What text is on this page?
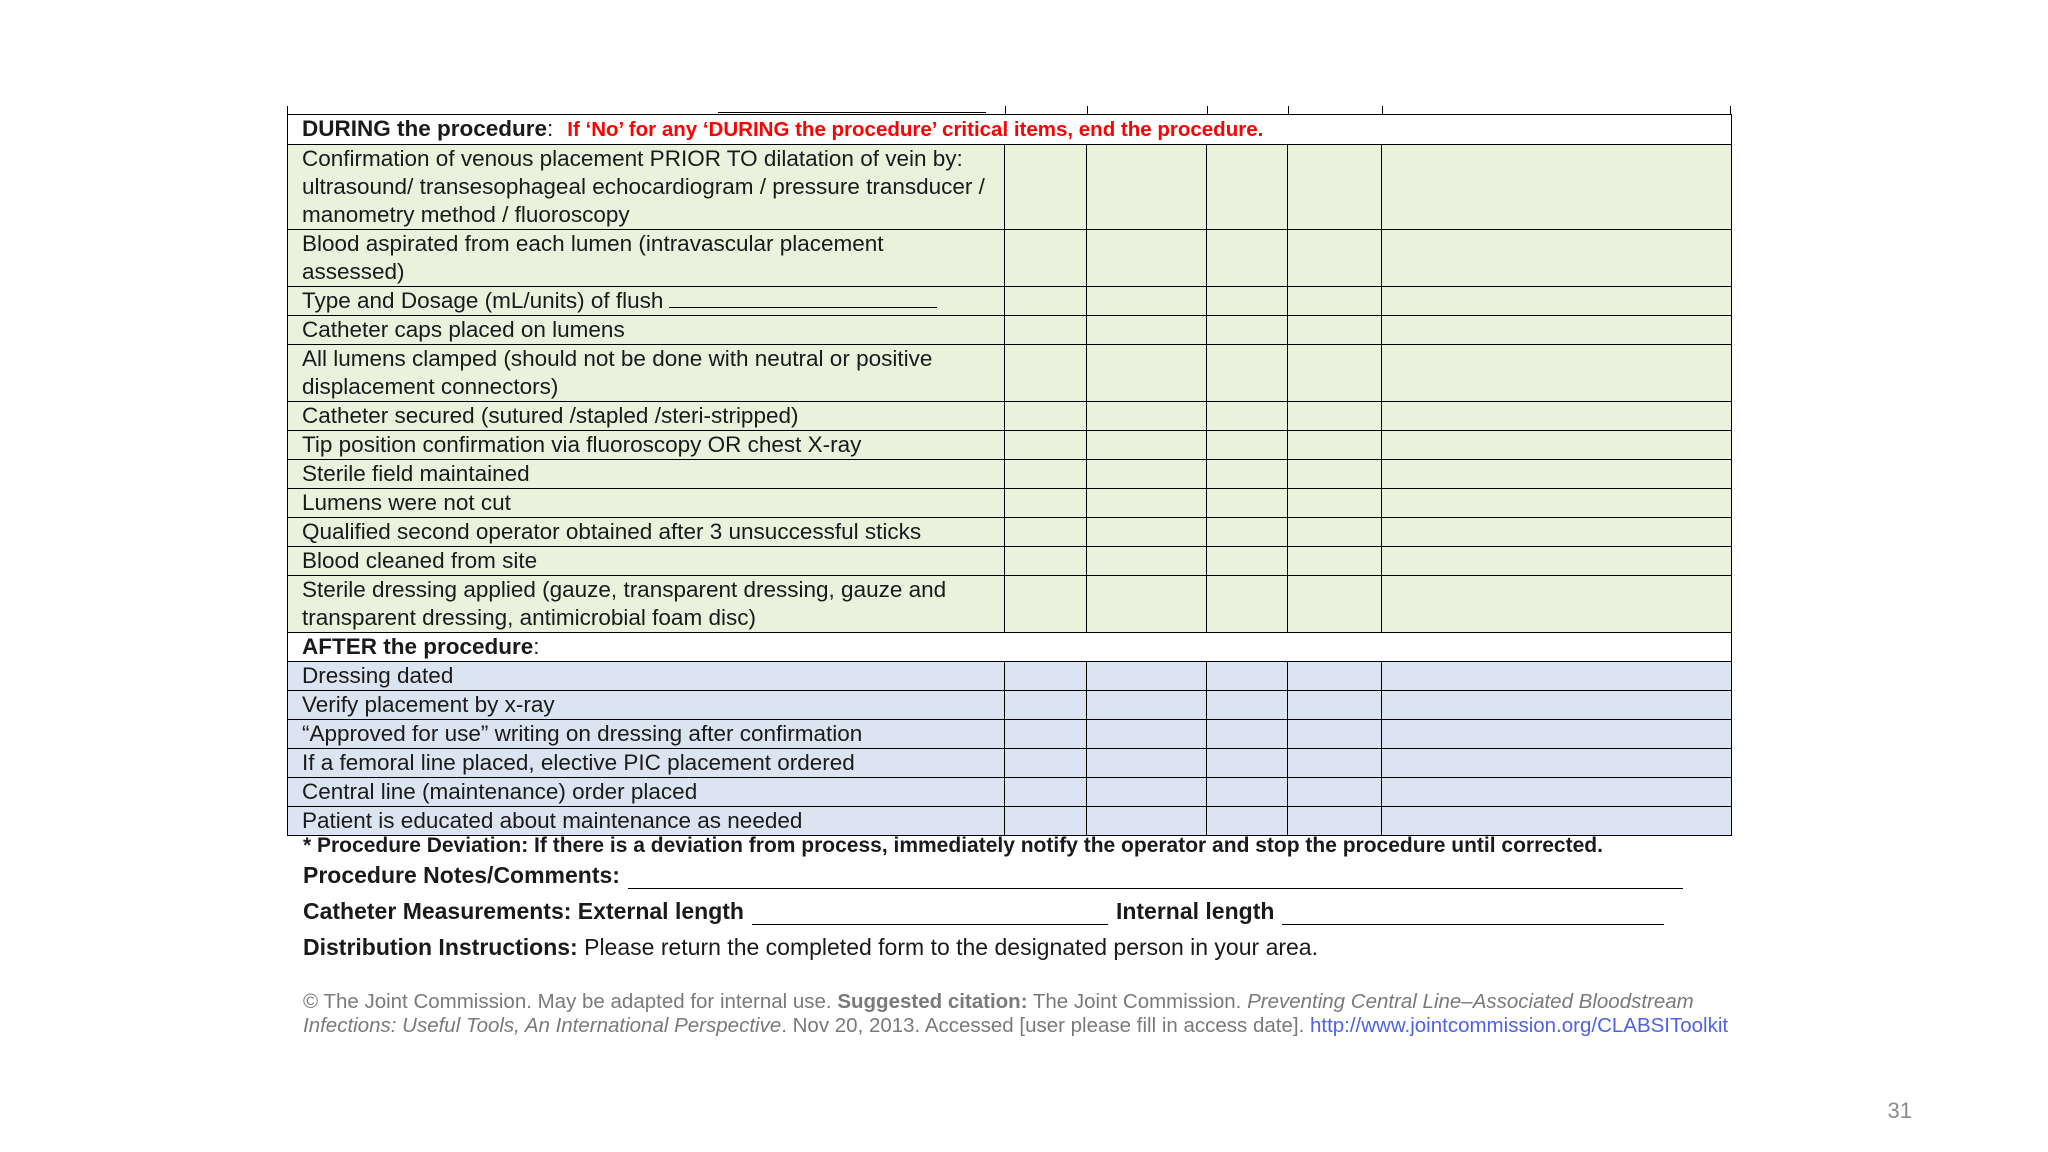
DURING the procedure: If ‘No’ for any ‘DURING the procedure’ critical items, end the procedure.					
Confirmation of venous placement PRIOR TO dilatation of vein by: ultrasound/ transesophageal echocardiogram / pressure transducer / manometry method / fluoroscopy					
Blood aspirated from each lumen (intravascular placement assessed)					
Type and Dosage (mL/units) of flush					
Catheter caps placed on lumens					
All lumens clamped (should not be done with neutral or positive displacement connectors)					
Catheter secured (sutured /stapled /steri-stripped)					
Tip position confirmation via fluoroscopy OR chest X-ray					
Sterile field maintained					
Lumens were not cut					
Qualified second operator obtained after 3 unsuccessful sticks					
Blood cleaned from site					
Sterile dressing applied (gauze, transparent dressing, gauze and transparent dressing, antimicrobial foam disc)					
AFTER the procedure:					
Dressing dated					
Verify placement by x-ray					
“Approved for use” writing on dressing after confirmation					
If a femoral line placed, elective PIC placement ordered					
Central line (maintenance) order placed					
Patient is educated about maintenance as needed					
* Procedure Deviation: If there is a deviation from process, immediately notify the operator and stop the procedure until corrected.
Procedure Notes/Comments:
Catheter Measurements: External length	Internal length
Distribution Instructions: Please return the completed form to the designated person in your area.
© The Joint Commission. May be adapted for internal use. Suggested citation: The Joint Commission. Preventing Central Line–Associated Bloodstream Infections: Useful Tools, An International Perspective. Nov 20, 2013. Accessed [user please fill in access date]. http://www.jointcommission.org/CLABSIToolkit
31
